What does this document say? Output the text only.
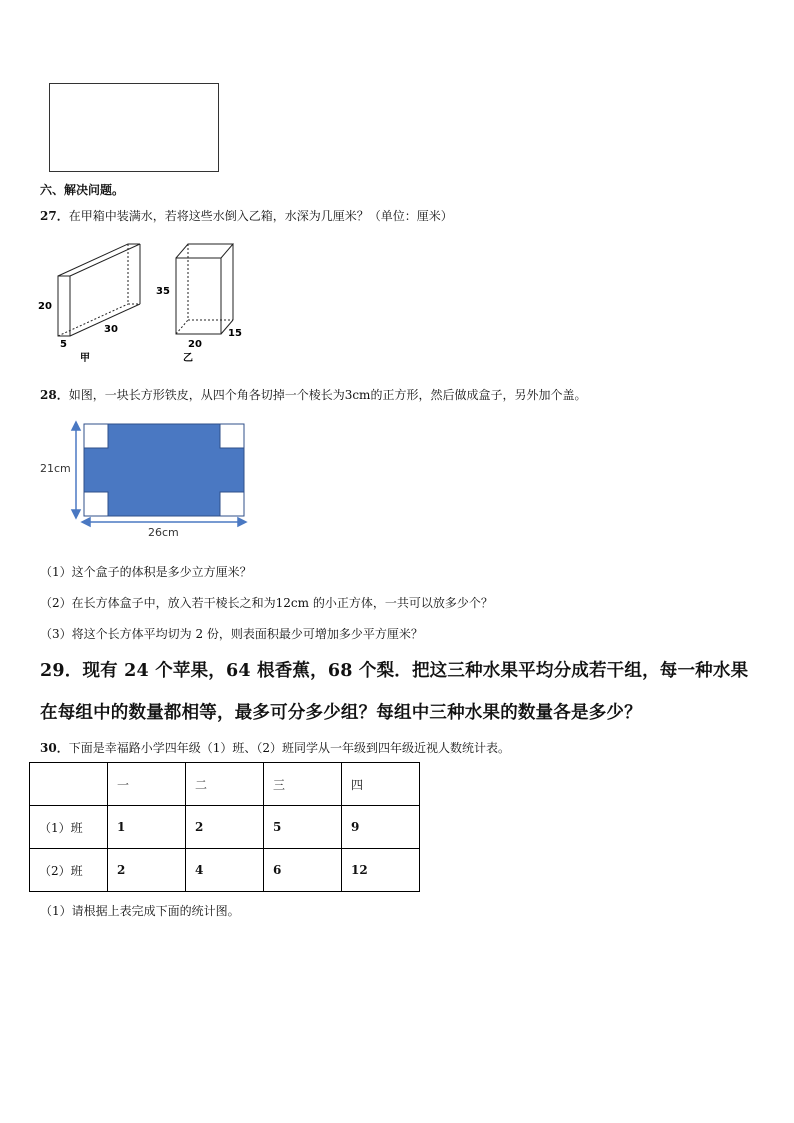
六、解决问题。
27．在甲箱中装满水，若将这些水倒入乙箱，水深为几厘米？（单位：厘米）
20
30
5
甲
35
15
20
乙
28．如图，一块长方形铁皮，从四个角各切掉一个棱长为3cm的正方形，然后做成盒子，另外加个盖。
21cm
26cm
（1）这个盒子的体积是多少立方厘米？
（2）在长方体盒子中，放入若干棱长之和为12cm 的小正方体，一共可以放多少个？
（3）将这个长方体平均切为 2 份，则表面积最少可增加多少平方厘米？
29．现有 24 个苹果，64 根香蕉，68 个梨．把这三种水果平均分成若干组，每一种水果
在每组中的数量都相等，最多可分多少组？每组中三种水果的数量各是多少？
30．下面是幸福路小学四年级（1）班、（2）班同学从一年级到四年级近视人数统计表。
	一	二	三	四
（1）班	1	2	5	9
（2）班	2	4	6	12
（1）请根据上表完成下面的统计图。
